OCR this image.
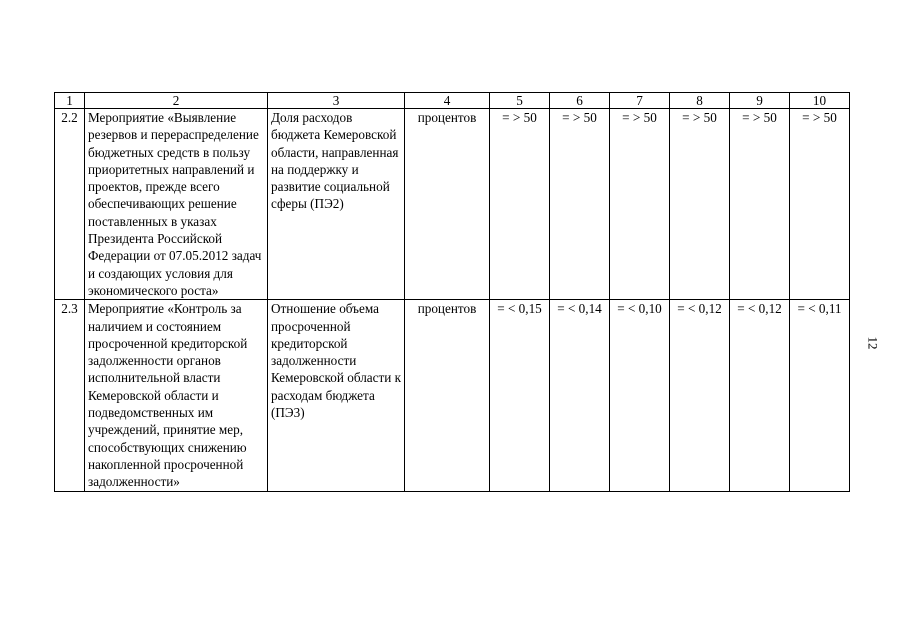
1	2	3	4	5	6	7	8	9	10
2.2	Мероприятие «Выявление резервов и перераспределение бюджетных средств в пользу приоритетных направлений и проектов, прежде всего обеспечивающих решение поставленных в указах Президента Российской Федерации от 07.05.2012 задач и создающих условия для экономического роста»	Доля расходов бюджета Кемеровской области, направленная на поддержку и развитие социальной сферы (ПЭ2)	процентов	= > 50	= > 50	= > 50	= > 50	= > 50	= > 50
2.3	Мероприятие «Контроль за наличием и состоянием просроченной кредиторской задолженности органов исполнительной власти Кемеровской области и подведомственных им учреждений, принятие мер, способствующих снижению накопленной просроченной задолженности»	Отношение объема просроченной кредиторской задолженности Кемеровской области к расходам бюджета (ПЭ3)	процентов	= < 0,15	= < 0,14	= < 0,10	= < 0,12	= < 0,12	= < 0,11
12
